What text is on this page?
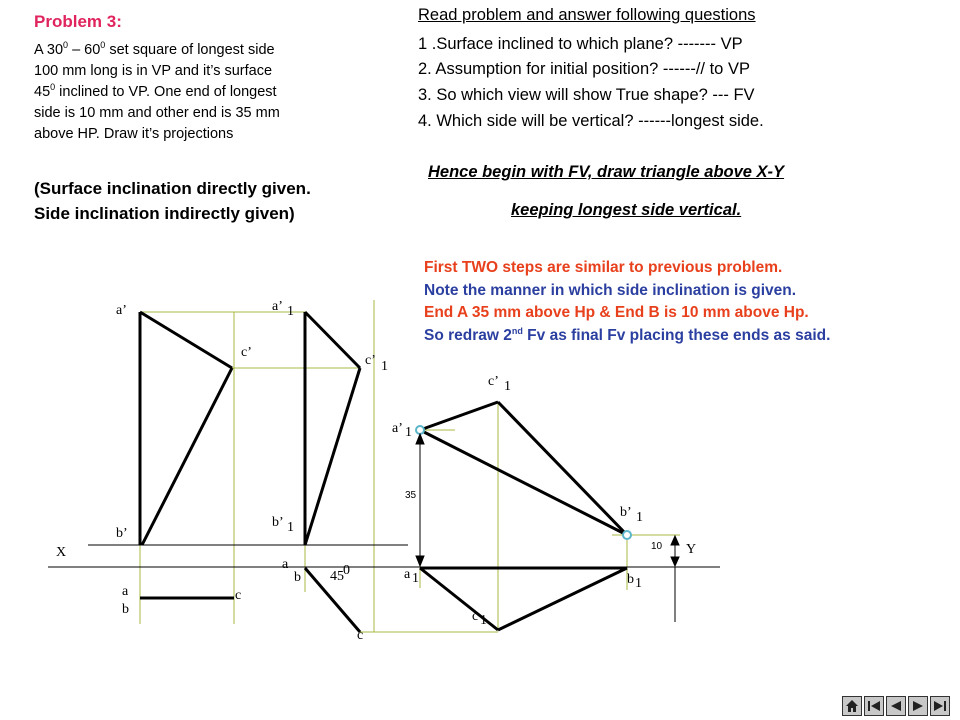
Problem 3:
A $30^0 - 60^0$ set square of longest side
100 mm long is in VP and it’s surface
$45^0$ inclined to VP. One end of longest
side is 10 mm and other end is 35 mm
above HP. Draw it’s projections
(Surface inclination directly given.
Side inclination indirectly given)
Read problem and answer following questions
1 .Surface inclined to which plane? ------- VP
2. Assumption for initial position? ------// to VP
3. So which view will show True shape? --- FV
4. Which side will be vertical? ------longest side.
Hence begin with FV, draw triangle above X-Y
keeping longest side vertical.
First TWO steps are similar to previous problem.
Note the manner in which side inclination is given.
End A 35 mm above Hp & End B is 10 mm above Hp.
So redraw 2nd Fv as final Fv placing these ends as said.
X	Y
a’
b’
c’
a’ 1
b’ 1
c’ 1
a
b
c
a
b
c
45 0
c’ 1
a’ 1
b’ 1
a 1	b 1
c 1
35
10
